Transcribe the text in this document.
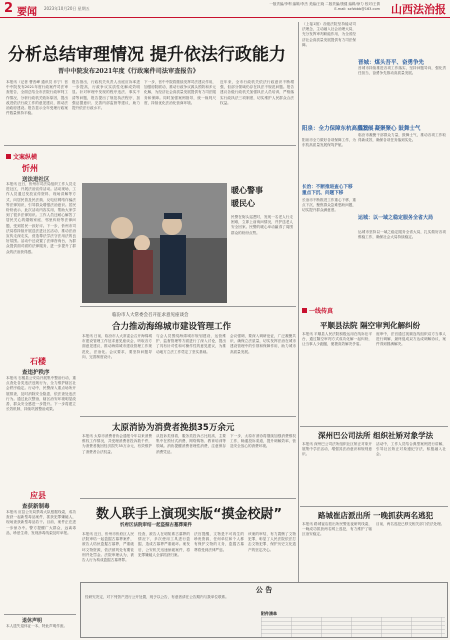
2 要闻 2023年10月20日 星期五
一版责编/李利 编辑/李杰 美编/王晓 二版责编/康健 编辑/徐力 校对/王倩
E-mail: sxfzbbb@163.com 山西法治报
分析总结审理情况 提升依法行政能力
晋中中院发布2021年度《行政案件司法审查报告》
本报讯（记者 曹晋峰 通讯员 乔宁）晋中中院发布2021年度行政案件司法审查报告，全面总结全市法院行政审判工作情况，分析行政机关败诉原因，提出改进依法行政工作的意见建议，推动法治政府建设。报告显示全年受理行政案件数量保持平稳。
报告指出，行政机关负责人出庭应诉率进一步提高，行政争议实质性化解成效明显。针对审理中发现的程序违法、事实不清等问题，报告提出了规范执法程序、加强证据意识、完善内部监督等建议，助力提升依法行政水平。
下一步，晋中中院将继续发挥司法建议作用，加强府院联动，推动行政争议源头预防和多元化解，为经济社会高质量发展提供有力司法服务和保障。同时加强案例指导，统一裁判尺度，持续优化法治化营商环境。
近年来，全市行政机关依法行政意识不断增强，但部分领域仍存在执法不规范问题。报告建议各级行政机关加强执法人员培训，严格落实行政执法三项制度，切实维护人民群众合法权益。
文案纵横
忻州
送法进社区
本报讯 近日，忻州市司法局组织工作人员走进社区，开展法治宣传活动。活动现场，工作人员通过发放宣传资料、现场讲解等方式，向居民普及民法典、反电信网络诈骗法等法律知识，引导群众增强法治意识。居民纷纷表示，此次活动内容实用，帮助大家学到了很多法律知识。工作人员还耐心解答了居民关心的婚姻家庭、邻里纠纷等法律问题，受到居民一致好评。下一步，忻州市司法局将持续开展送法进社区活动，推动法治宣传走深走实，营造尊法学法守法用法的良好氛围。活动中还设置了法律咨询台，为群众提供面对面的法律服务，进一步提升了群众的法治获得感。
石楼
查违护秩序
本报讯 石楼县公安局开展集中整治行动，重点查处各类违法违规行为，全力维护辖区社会秩序稳定。行动中，民警深入重点场所开展排查，及时消除安全隐患，依法查处违法行为。通过此次整治，辖区治安环境明显改善，群众安全感进一步提升。下一步将建立长效机制，持续巩固整治成果。
应县
查获新制毒
本报讯 应县公安局禁毒大队根据线索，成功查获一起新型毒品案件，抓获犯罪嫌疑人，现场查获新型毒品若干。目前，案件正在进一步侦办中。警方提醒广大群众，远离毒品，珍爱生命，发现涉毒线索及时举报。
退休声明
本人遗失退休证一本，特此声明作废。
暖心警事
暖民心
民警在街头巡逻时，发现一名老人行走困难，立即上前询问情况，并护送老人安全回家。民警的暖心举动赢得了周围群众的纷纷点赞。
临汾市人大常委会召开征求意见座谈会
合力推动海绵城市建设管理工作
本报讯 日前，临汾市人大常委会召开海绵城市建设管理工作征求意见座谈会，听取各方面意见建议，推动海绵城市建设管理工作规范化、法治化。会议要求，要坚持问题导向，完善制度设计。
与会人员围绕海绵城市规划建设、运营维护、监督管理等方面进行了深入讨论，提出了具有针对性和可操作性的意见建议，为推动地方立法工作奠定了坚实基础。
会议强调，要深入调研论证，广泛凝聚共识，确保立法质量，切实发挥法治在城市建设管理中的引领和保障作用，助力城市高质量发展。
太原消协为消费者挽损35万余元
本报讯 太原市消费者协会通报今年以来消费维权工作情况，共受理消费者投诉数千件，为消费者挽回经济损失35万余元，有效维护了消费者合法权益。
从投诉类别看，服务类投诉占比较高，主要集中在预付式消费、网络购物、教育培训等领域。消协提醒消费者理性消费，注意保存消费凭证。
下一步，太原市消协将继续加强消费维权工作，畅通投诉渠道，提升调解效率，营造安全放心的消费环境。
数人联手上演现实版“摸金校尉”
忻府区法院审结一起盗掘古墓葬案件
本报讯 近日，忻州市忻府区人民法院审结一起盗掘古墓葬案件，被告人结伙盗掘古墓葬，严重破坏文物资源，依法被判处有期徒刑并处罚金。法院审理认为，被告人行为构成盗掘古墓葬罪。
经查，被告人在明知系古墓葬的情况下，多次使用工具进行盗掘，造成古墓葬严重破坏。案发后，公安机关迅速侦破案件，将犯罪嫌疑人全部抓获归案。
法官提醒，文物是不可再生的珍贵资源，任何单位和个人都有保护文物的义务，盗掘古墓葬将受到法律严惩。
该案的审结，有力震慑了文物犯罪，彰显了人民法院依法打击文物犯罪、保护历史文化遗产的坚定决心。
（上接1版）各级法院坚持能动司法理念，主动融入社会治理大局，充分发挥审判职能作用，为全省经济社会高质量发展提供有力司法保障。
晋城：煤头吾平、奋勇争先
晋城市持续推进各项工作落实，坚持问题导向，强化责任担当，奋勇争先推动高质量发展。
阳泉：全力保障东杭高质发展
阳泉市全力做好各项保障工作，为东杭高质量发展保驾护航。
临汾：凝聚聚心 鼓舞士气
临汾市凝聚干部群众力量，鼓舞士气，推动各项工作取得新成效，确保各项任务落到实处。
长治：不断推进查心下移 重点下沉、问题下移
长治市不断推进工作重心下移，重点下沉，聚焦群众急难愁盼问题，切实提升群众满意度。
运城：以一域之稳定服务全省大局
运城市坚持以一域之稳定服务全省大局，扎实做好各项维稳工作，确保社会大局持续稳定。
一线传真
平顺县法院 隔空审判化解纠纷
本报讯 平顺县人民法院积极运用在线诉讼平台，通过隔空审判方式成功化解一起纠纷，让当事人少跑腿，便捷高效解决矛盾。
庭审中，法官通过视频连线组织双方当事人进行调解，最终促成双方达成调解协议，案件得到圆满解决。
深州巴公司法所 组织社矫对象学法
本报讯 深州巴公司法所组织社区矫正对象开展集中学法活动，增强其法治意识和规则意识。
活动中，工作人员结合典型案例进行讲解，引导社区矫正对象遵纪守法，积极融入社会。
路城崔店派出所 一晚抓获两名逃犯
本报讯 路城崔店派出所民警连夜研判线索，一晚成功抓获两名网上逃犯，有力维护了辖区治安稳定。
目前，两名逃犯已移交相关部门依法处理。
公 告
经研究决定，对下列资产进行公开处置，现予以公告，有意者请在公告期内与我单位联系。
附件清单
